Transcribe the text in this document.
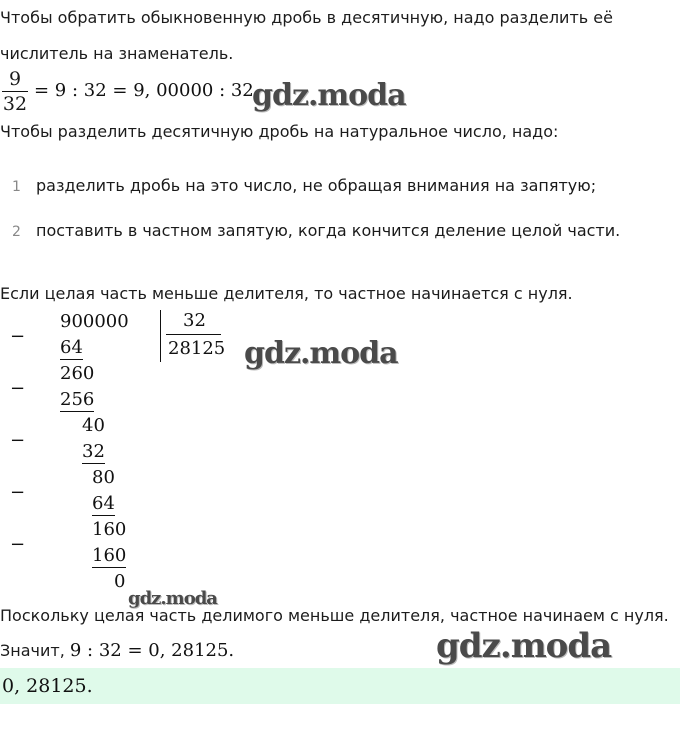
Чтобы обратить обыкновенную дробь в десятичную, надо разделить её
числитель на знаменатель.
9
32
= 9 : 32 = 9, 00000 : 32.
gdz.moda
Чтобы разделить десятичную дробь на натуральное число, надо:
1 разделить дробь на это число, не обращая внимания на запятую;
2 поставить в частном запятую, когда кончится деление целой части.
Если целая часть меньше делителя, то частное начинается с нуля.
−
−
−
−
−
900000
64
260
256
40
32
80
64
160
160
0
32
28125 gdz.moda
gdz.moda
Поскольку целая часть делимого меньше делителя, частное начинаем с нуля.
Значит, 9 : 32 = 0, 28125.	gdz.moda
0, 28125.
